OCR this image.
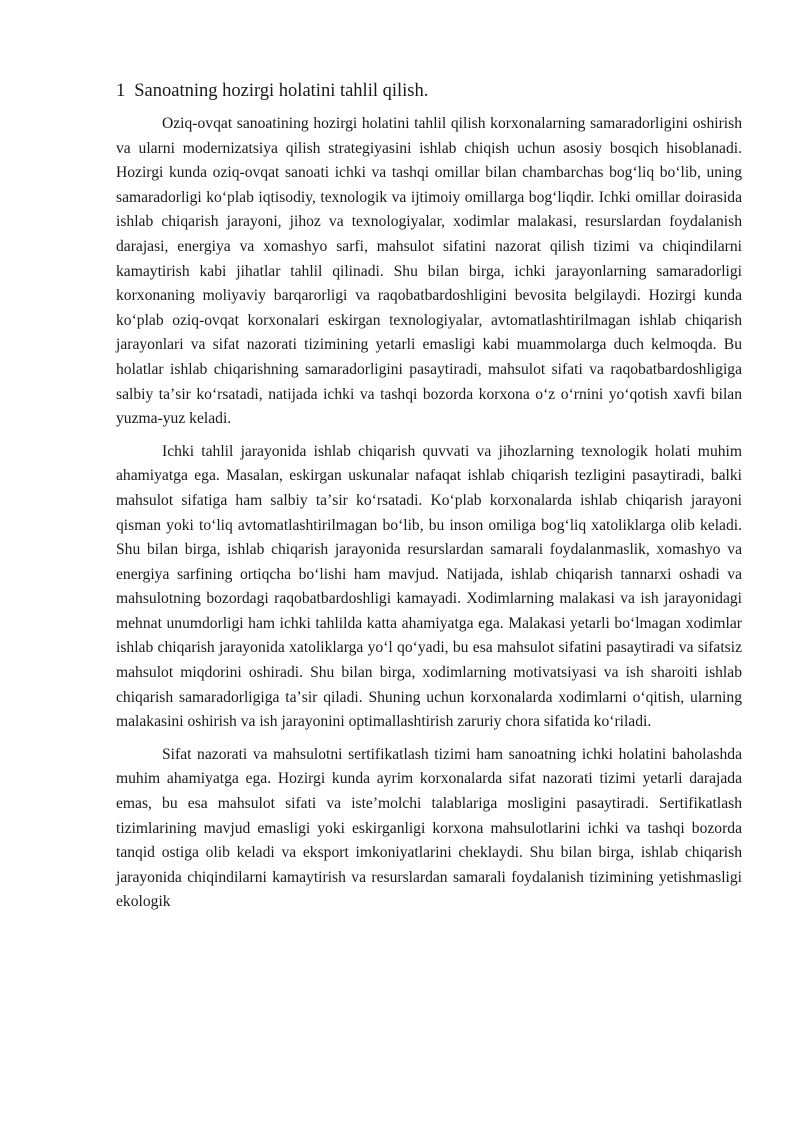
1 Sanoatning hozirgi holatini tahlil qilish.

Oziq-ovqat sanoatining hozirgi holatini tahlil qilish korxonalarning samaradorligini oshirish va ularni modernizatsiya qilish strategiyasini ishlab chiqish uchun asosiy bosqich hisoblanadi. Hozirgi kunda oziq-ovqat sanoati ichki va tashqi omillar bilan chambarchas bogʻliq boʻlib, uning samaradorligi koʻplab iqtisodiy, texnologik va ijtimoiy omillarga bogʻliqdir. Ichki omillar doirasida ishlab chiqarish jarayoni, jihoz va texnologiyalar, xodimlar malakasi, resurslardan foydalanish darajasi, energiya va xomashyo sarfi, mahsulot sifatini nazorat qilish tizimi va chiqindilarni kamaytirish kabi jihatlar tahlil qilinadi. Shu bilan birga, ichki jarayonlarning samaradorligi korxonaning moliyaviy barqarorligi va raqobatbardoshligini bevosita belgilaydi. Hozirgi kunda koʻplab oziq-ovqat korxonalari eskirgan texnologiyalar, avtomatlashtirilmagan ishlab chiqarish jarayonlari va sifat nazorati tizimining yetarli emasligi kabi muammolarga duch kelmoqda. Bu holatlar ishlab chiqarishning samaradorligini pasaytiradi, mahsulot sifati va raqobatbardoshligiga salbiy taʼsir koʻrsatadi, natijada ichki va tashqi bozorda korxona oʻz oʻrnini yoʻqotish xavfi bilan yuzma-yuz keladi.

Ichki tahlil jarayonida ishlab chiqarish quvvati va jihozlarning texnologik holati muhim ahamiyatga ega. Masalan, eskirgan uskunalar nafaqat ishlab chiqarish tezligini pasaytiradi, balki mahsulot sifatiga ham salbiy taʼsir koʻrsatadi. Koʻplab korxonalarda ishlab chiqarish jarayoni qisman yoki toʻliq avtomatlashtirilmagan boʻlib, bu inson omiliga bogʻliq xatoliklarga olib keladi. Shu bilan birga, ishlab chiqarish jarayonida resurslardan samarali foydalanmaslik, xomashyo va energiya sarfining ortiqcha boʻlishi ham mavjud. Natijada, ishlab chiqarish tannarxi oshadi va mahsulotning bozordagi raqobatbardoshligi kamayadi. Xodimlarning malakasi va ish jarayonidagi mehnat unumdorligi ham ichki tahlilda katta ahamiyatga ega. Malakasi yetarli boʻlmagan xodimlar ishlab chiqarish jarayonida xatoliklarga yoʻl qoʻyadi, bu esa mahsulot sifatini pasaytiradi va sifatsiz mahsulot miqdorini oshiradi. Shu bilan birga, xodimlarning motivatsiyasi va ish sharoiti ishlab chiqarish samaradorligiga taʼsir qiladi. Shuning uchun korxonalarda xodimlarni oʻqitish, ularning malakasini oshirish va ish jarayonini optimallashtirish zaruriy chora sifatida koʻriladi.

Sifat nazorati va mahsulotni sertifikatlash tizimi ham sanoatning ichki holatini baholashda muhim ahamiyatga ega. Hozirgi kunda ayrim korxonalarda sifat nazorati tizimi yetarli darajada emas, bu esa mahsulot sifati va isteʼmolchi talablariga mosligini pasaytiradi. Sertifikatlash tizimlarining mavjud emasligi yoki eskirganligi korxona mahsulotlarini ichki va tashqi bozorda tanqid ostiga olib keladi va eksport imkoniyatlarini cheklaydi. Shu bilan birga, ishlab chiqarish jarayonida chiqindilarni kamaytirish va resurslardan samarali foydalanish tizimining yetishmasligi ekologik
